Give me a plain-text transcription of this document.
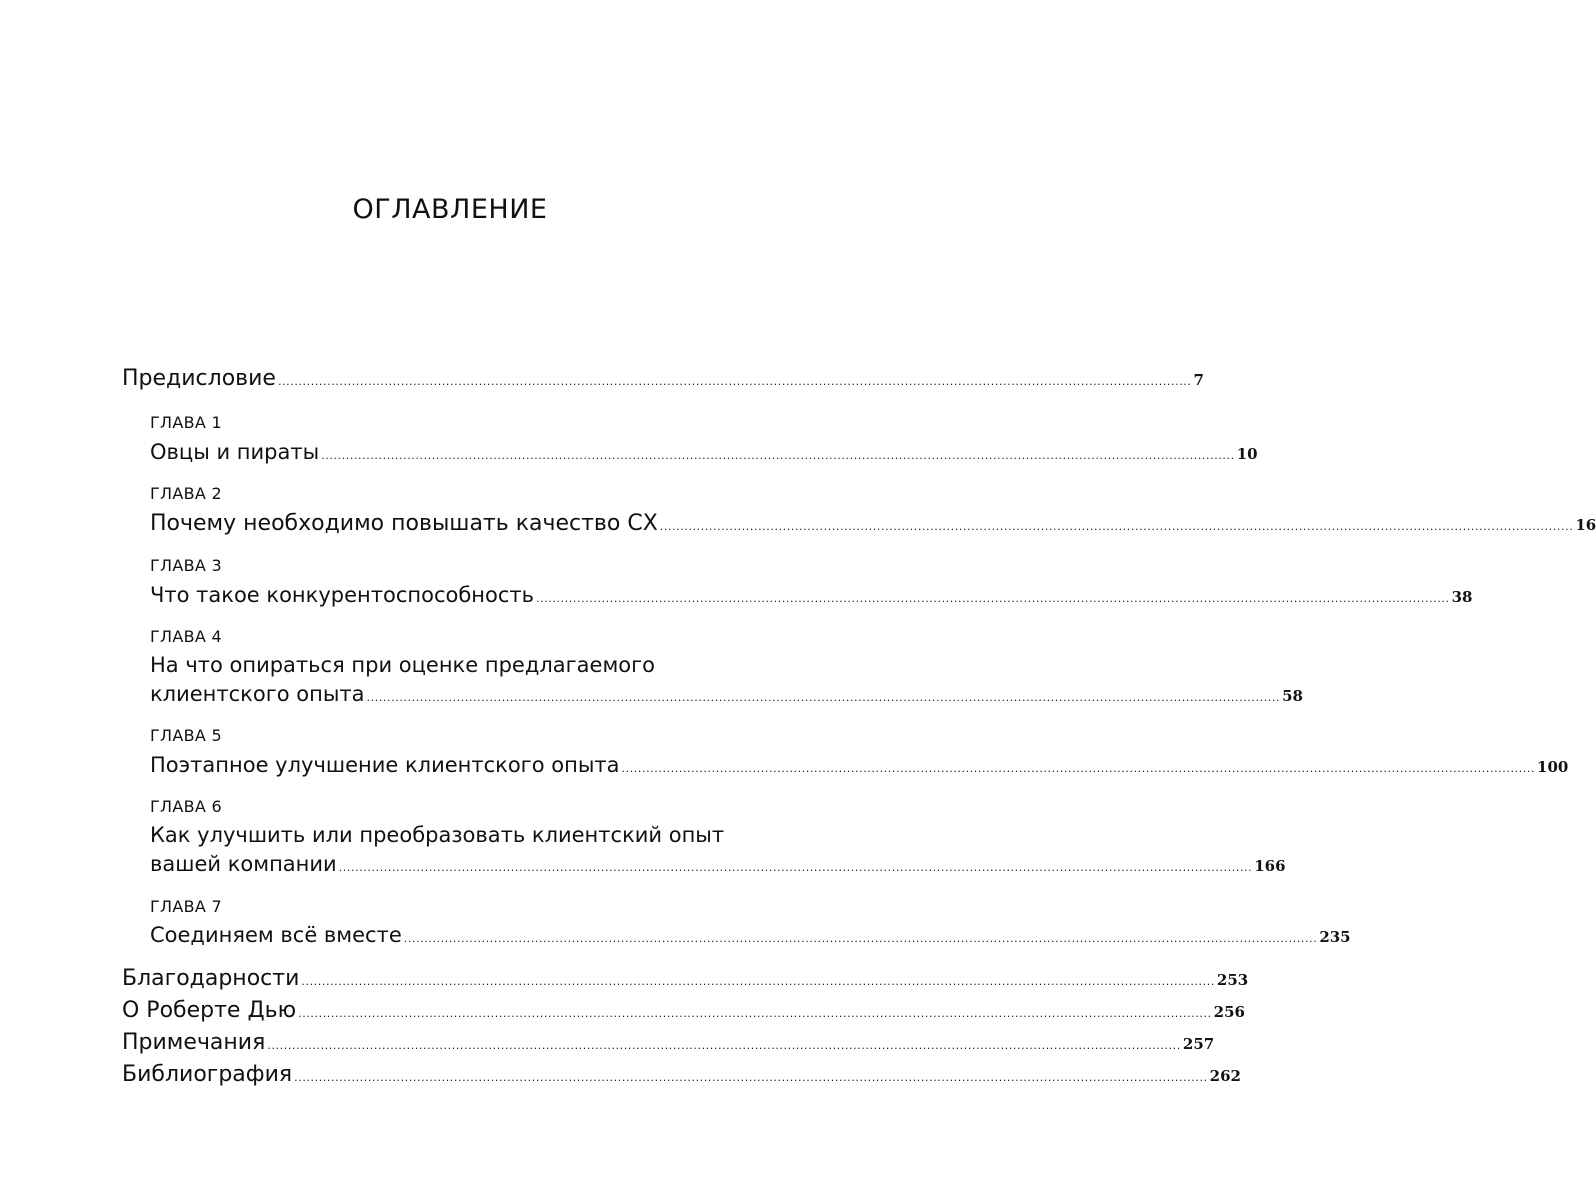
ОГЛАВЛЕНИЕ
Предисловие ............................................................................................................................................................................................................................... 7
ГЛАВА 1
Овцы и пираты ............................................................................................................................................................................................................................... 10
ГЛАВА 2
Почему необходимо повышать качество CX ............................................................................................................................................................................................................................... 16
ГЛАВА 3
Что такое конкурентоспособность ............................................................................................................................................................................................................................... 38
ГЛАВА 4
На что опираться при оценке предлагаемого
клиентского опыта ............................................................................................................................................................................................................................... 58
ГЛАВА 5
Поэтапное улучшение клиентского опыта ............................................................................................................................................................................................................................... 100
ГЛАВА 6
Как улучшить или преобразовать клиентский опыт
вашей компании ............................................................................................................................................................................................................................... 166
ГЛАВА 7
Соединяем всё вместе ............................................................................................................................................................................................................................... 235
Благодарности ............................................................................................................................................................................................................................... 253
О Роберте Дью ............................................................................................................................................................................................................................... 256
Примечания ............................................................................................................................................................................................................................... 257
Библиография ............................................................................................................................................................................................................................... 262
